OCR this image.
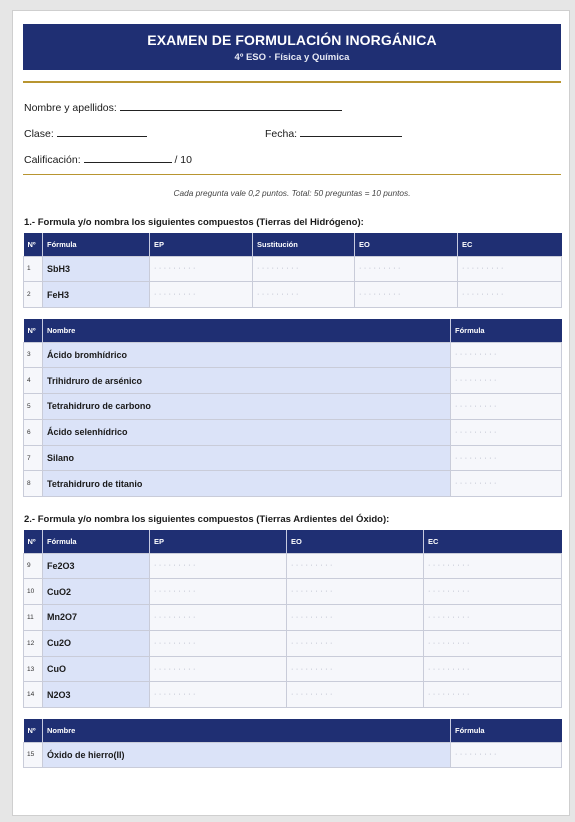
EXAMEN DE FORMULACIÓN INORGÁNICA
4º ESO · Física y Química
Nombre y apellidos:
Clase:	Fecha:
Calificación:	/ 10
Cada pregunta vale 0,2 puntos. Total: 50 preguntas = 10 puntos.
1.- Formula y/o nombra los siguientes compuestos (Tierras del Hidrógeno):
Nº	Fórmula	EP	Sustitución	EO	EC
1	SbH3	· · · · · · · · ·	· · · · · · · · ·	· · · · · · · · ·	· · · · · · · · ·
2	FeH3	· · · · · · · · ·	· · · · · · · · ·	· · · · · · · · ·	· · · · · · · · ·
Nº	Nombre	Fórmula
3	Ácido bromhídrico	· · · · · · · · ·
4	Trihidruro de arsénico	· · · · · · · · ·
5	Tetrahidruro de carbono	· · · · · · · · ·
6	Ácido selenhídrico	· · · · · · · · ·
7	Silano	· · · · · · · · ·
8	Tetrahidruro de titanio	· · · · · · · · ·
2.- Formula y/o nombra los siguientes compuestos (Tierras Ardientes del Óxido):
Nº	Fórmula	EP	EO	EC
9	Fe2O3	· · · · · · · · ·	· · · · · · · · ·	· · · · · · · · ·
10	CuO2	· · · · · · · · ·	· · · · · · · · ·	· · · · · · · · ·
11	Mn2O7	· · · · · · · · ·	· · · · · · · · ·	· · · · · · · · ·
12	Cu2O	· · · · · · · · ·	· · · · · · · · ·	· · · · · · · · ·
13	CuO	· · · · · · · · ·	· · · · · · · · ·	· · · · · · · · ·
14	N2O3	· · · · · · · · ·	· · · · · · · · ·	· · · · · · · · ·
Nº	Nombre	Fórmula
15	Óxido de hierro(II)	· · · · · · · · ·
